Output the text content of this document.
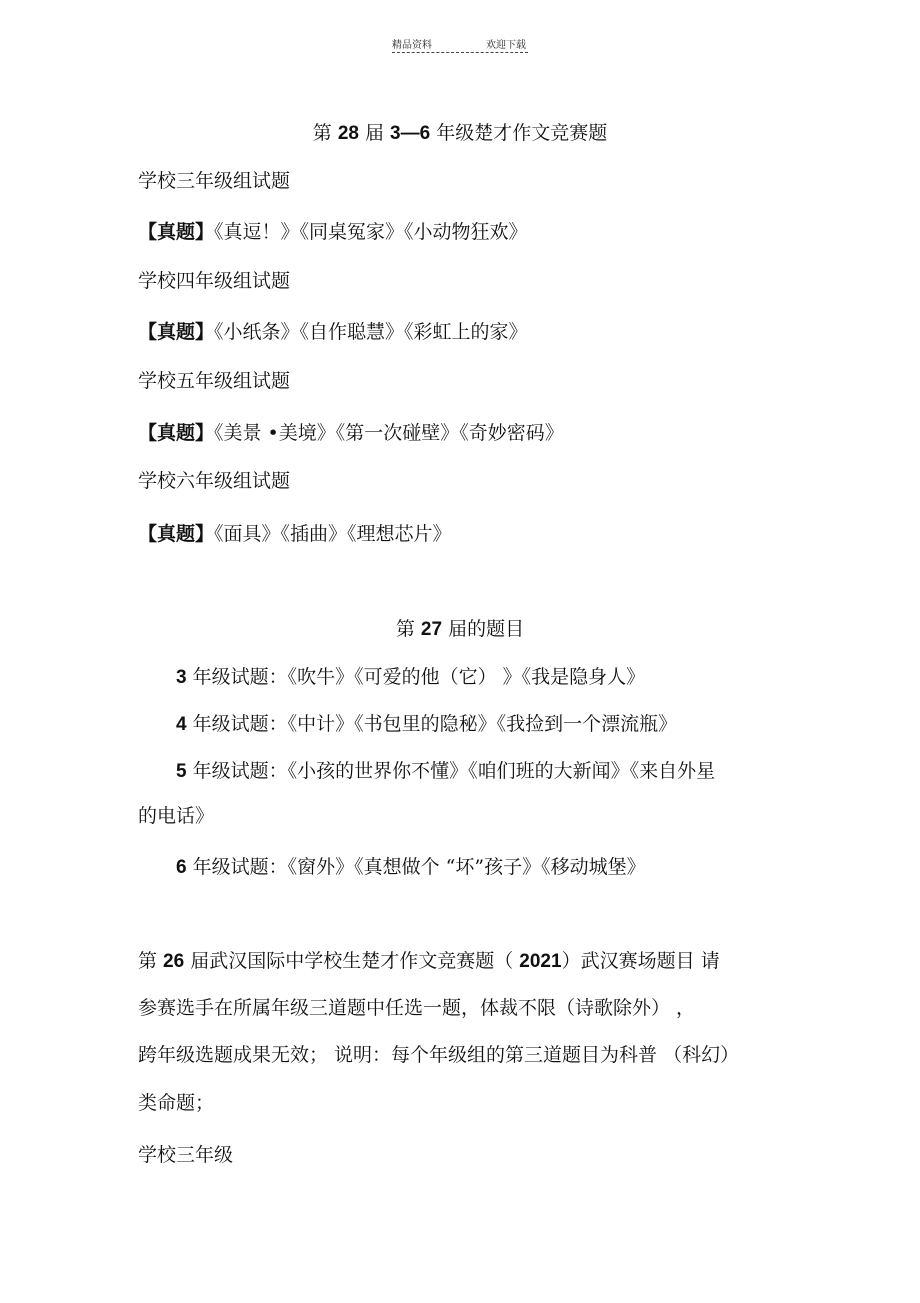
精品资料	欢迎下载
第 28 届 3—6 年级楚才作文竞赛题
学校三年级组试题
【真题】《真逗！》《同桌冤家》《小动物狂欢》
学校四年级组试题
【真题】《小纸条》《自作聪慧》《彩虹上的家》
学校五年级组试题
【真题】《美景 •美境》《第一次碰壁》《奇妙密码》
学校六年级组试题
【真题】《面具》《插曲》《理想芯片》
第 27 届的题目
3 年级试题：《吹牛》《可爱的他（它） 》《我是隐身人》
4 年级试题：《中计》《书包里的隐秘》《我捡到一个漂流瓶》
5 年级试题：《小孩的世界你不懂》《咱们班的大新闻》《来自外星
的电话》
6 年级试题：《窗外》《真想做个 “坏”孩子》《移动城堡》
第 26 届武汉国际中学校生楚才作文竞赛题（ 2021）武汉赛场题目 请
参赛选手在所属年级三道题中任选一题，体裁不限（诗歌除外） ，
跨年级选题成果无效； 说明：每个年级组的第三道题目为科普 （科幻）
类命题；
学校三年级
